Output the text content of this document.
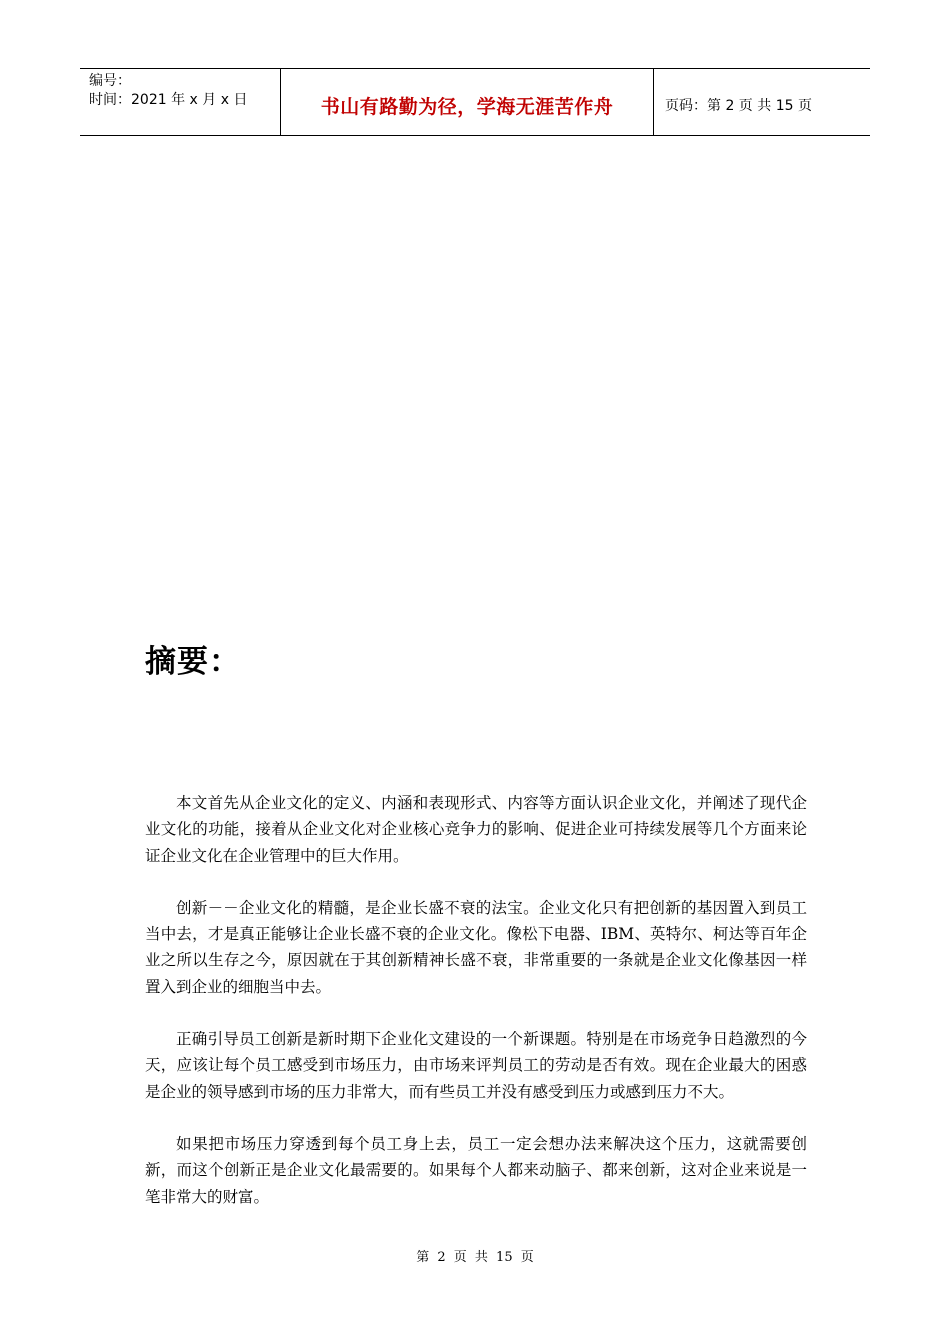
编号：
时间：2021 年 x 月 x 日	书山有路勤为径，学海无涯苦作舟	页码：第 2 页 共 15 页
摘要：

本文首先从企业文化的定义、内涵和表现形式、内容等方面认识企业文化，并阐述了现代企业文化的功能，接着从企业文化对企业核心竞争力的影响、促进企业可持续发展等几个方面来论证企业文化在企业管理中的巨大作用。

创新－－企业文化的精髓，是企业长盛不衰的法宝。企业文化只有把创新的基因置入到员工当中去，才是真正能够让企业长盛不衰的企业文化。像松下电器、IBM、英特尔、柯达等百年企业之所以生存之今，原因就在于其创新精神长盛不衰，非常重要的一条就是企业文化像基因一样置入到企业的细胞当中去。

正确引导员工创新是新时期下企业化文建设的一个新课题。特别是在市场竞争日趋激烈的今天，应该让每个员工感受到市场压力，由市场来评判员工的劳动是否有效。现在企业最大的困惑是企业的领导感到市场的压力非常大，而有些员工并没有感受到压力或感到压力不大。

如果把市场压力穿透到每个员工身上去，员工一定会想办法来解决这个压力，这就需要创新，而这个创新正是企业文化最需要的。如果每个人都来动脑子、都来创新，这对企业来说是一笔非常大的财富。

第 2 页 共 15 页
